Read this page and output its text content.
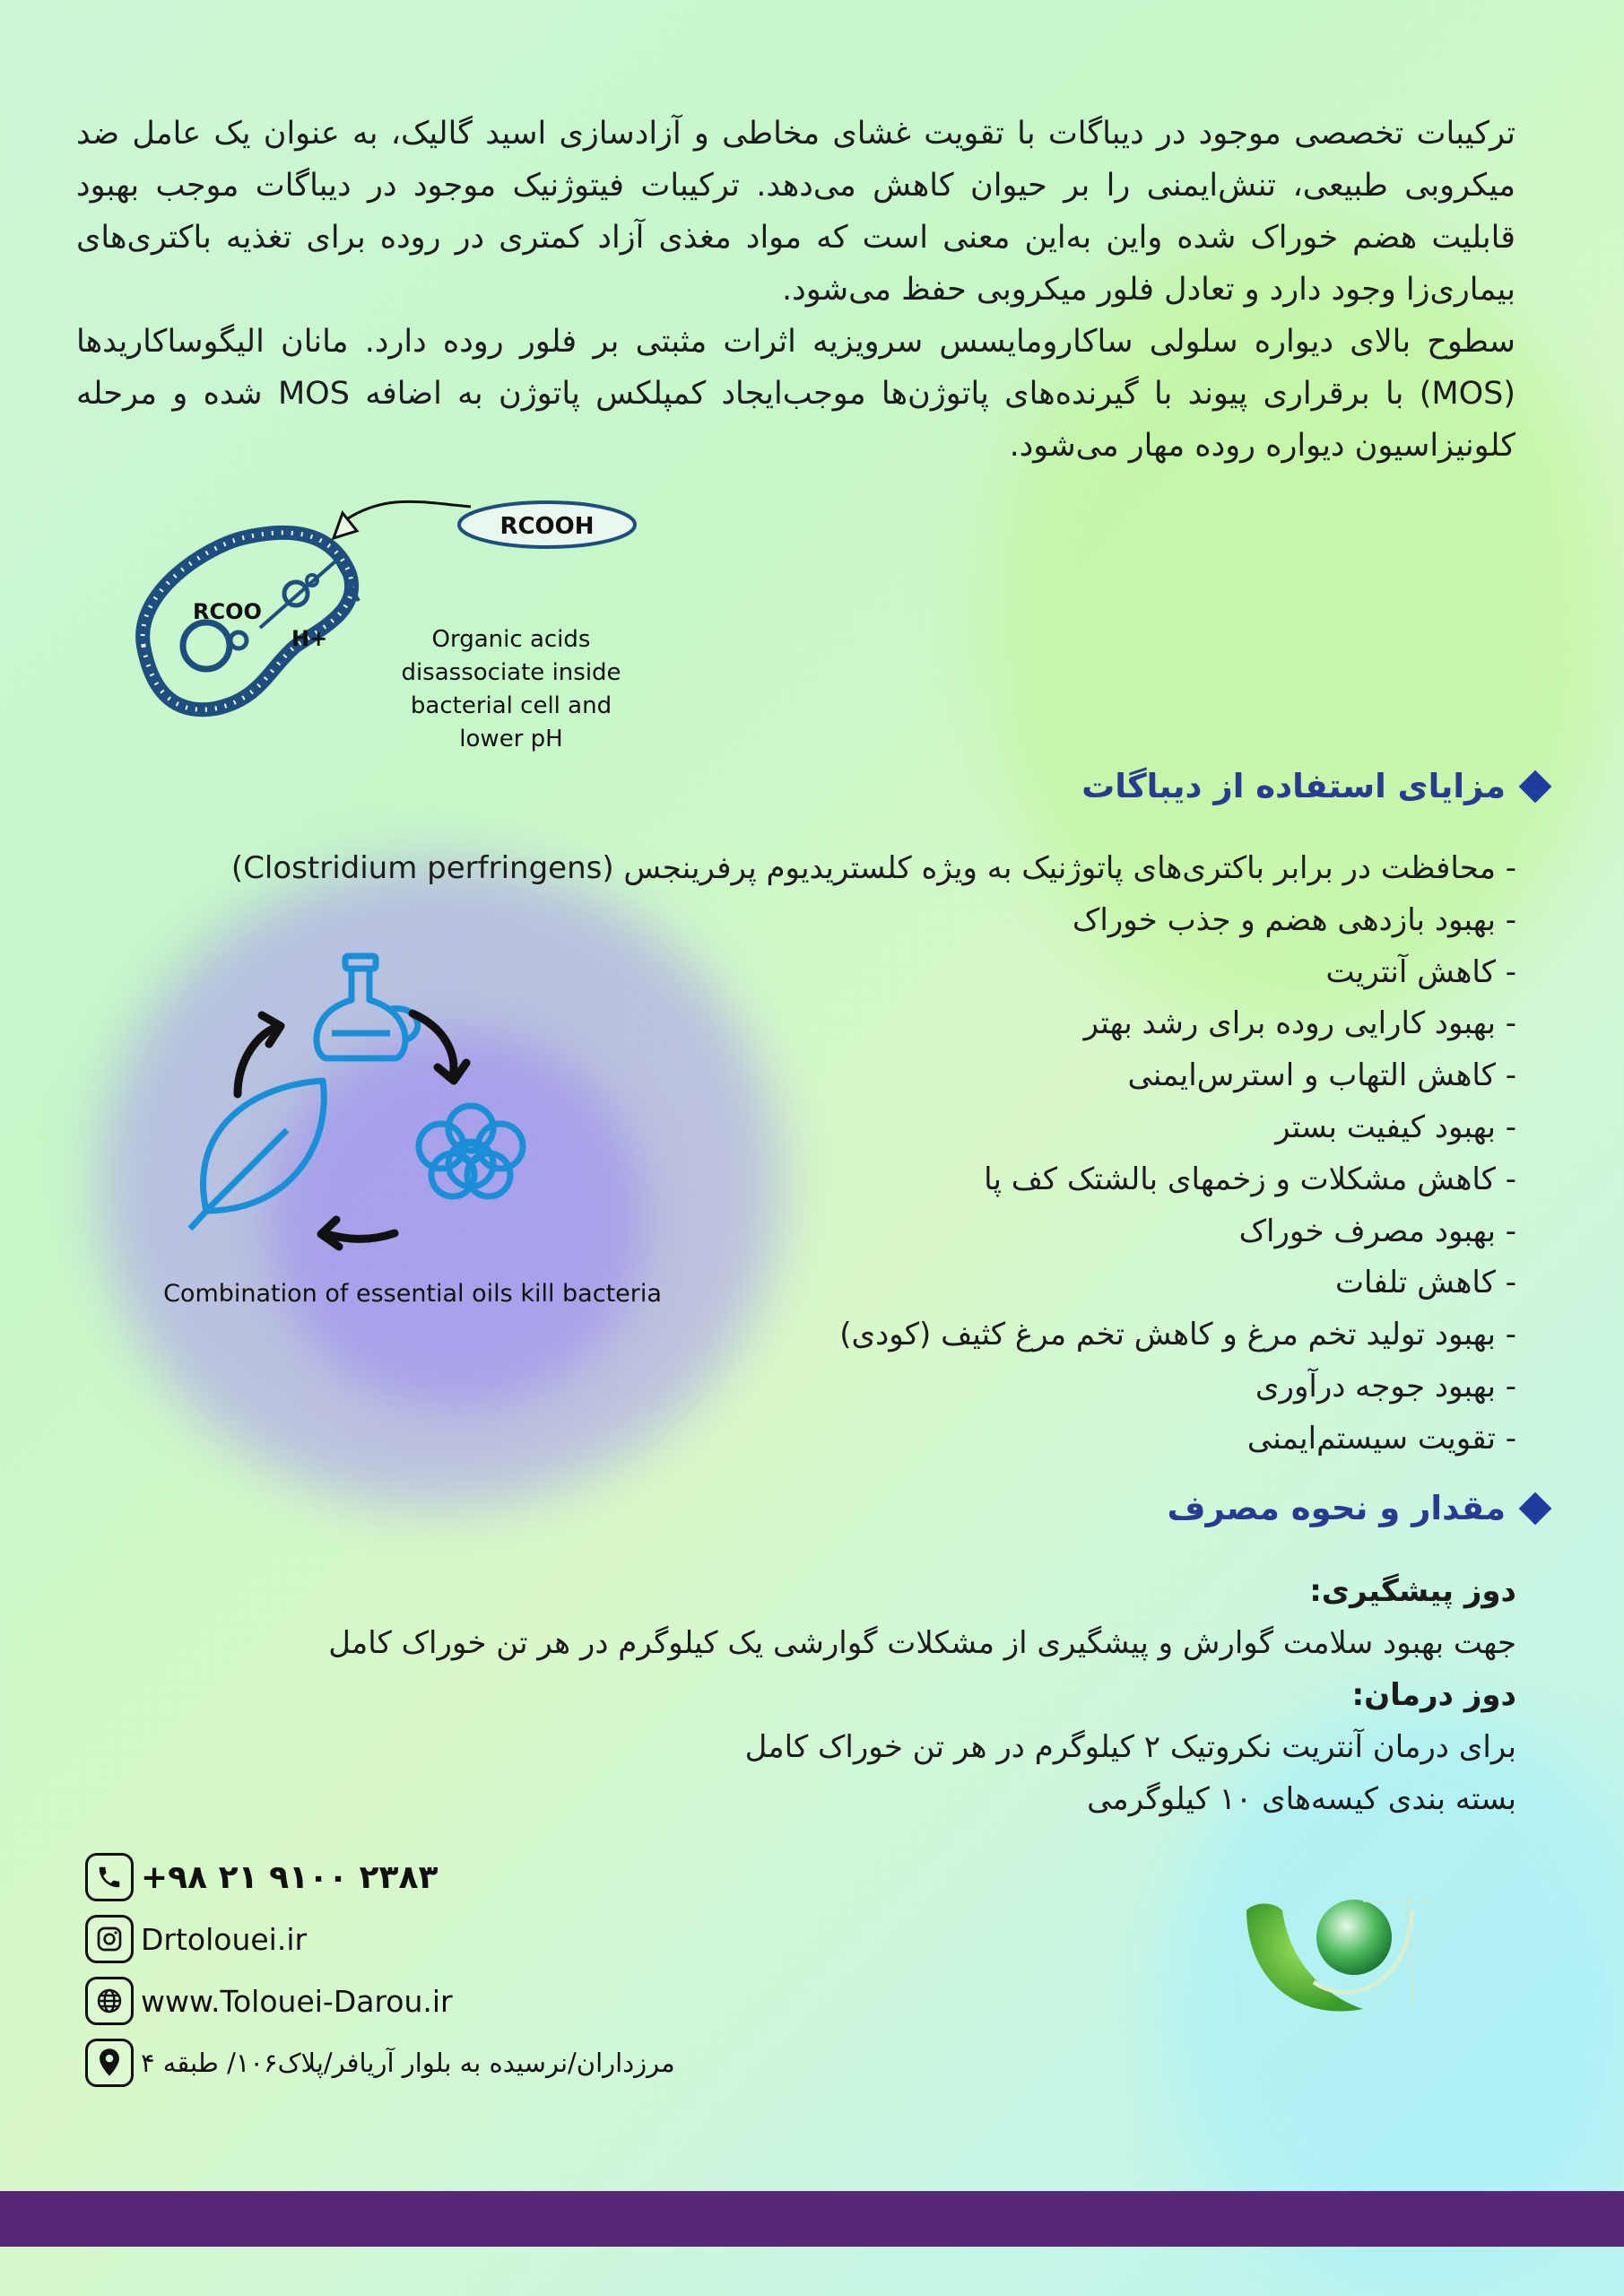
ترکیبات تخصصی موجود در دیباگات با تقویت غشای مخاطی و آزادسازی اسید گالیک، به عنوان یک عامل ضد میکروبی طبیعی، تنش‌ایمنی را بر حیوان کاهش می‌دهد. ترکیبات فیتوژنیک موجود در دیباگات موجب بهبود قابلیت هضم خوراک شده واین به‌این معنی است که مواد مغذی آزاد کمتری در روده برای تغذیه باکتری‌های بیماری‌زا وجود دارد و تعادل فلور میکروبی حفظ می‌شود.

سطوح بالای دیواره سلولی ساکارومایسس سرویزیه اثرات مثبتی بر فلور روده دارد. مانان الیگوساکاریدها (MOS) با برقراری پیوند با گیرنده‌های پاتوژن‌ها موجب‌ایجاد کمپلکس پاتوژن به اضافه MOS شده و مرحله کلونیزاسیون دیواره روده مهار می‌شود.

RCOOH
RCOO
H+	Organic acids
disassociate inside
bacterial cell and
lower pH
مزایای استفاده از دیباگات
- محافظت در برابر باکتری‌های پاتوژنیک به ویژه کلستریدیوم پرفرینجس (Clostridium perfringens)
- بهبود بازدهی هضم و جذب خوراک
- کاهش آنتریت
- بهبود کارایی روده برای رشد بهتر
- کاهش التهاب و استرس‌ایمنی
- بهبود کیفیت بستر
- کاهش مشکلات و زخمهای بالشتک کف پا
- بهبود مصرف خوراک
- کاهش تلفات
- بهبود تولید تخم مرغ و کاهش تخم مرغ کثیف (کودی)
- بهبود جوجه درآوری
- تقویت سیستم‌ایمنی
Combination of essential oils kill bacteria
مقدار و نحوه مصرف
دوز پیشگیری:
جهت بهبود سلامت گوارش و پیشگیری از مشکلات گوارشی یک کیلوگرم در هر تن خوراک کامل
دوز درمان:
برای درمان آنتریت نکروتیک ۲ کیلوگرم در هر تن خوراک کامل
بسته بندی کیسه‌های ۱۰ کیلوگرمی
+۹۸ ۲۱ ۹۱۰۰ ۲۳۸۳
Drtolouei.ir
www.Tolouei-Darou.ir
مرزداران/نرسیده به بلوار آریافر/پلاک۱۰۶/ طبقه ۴
